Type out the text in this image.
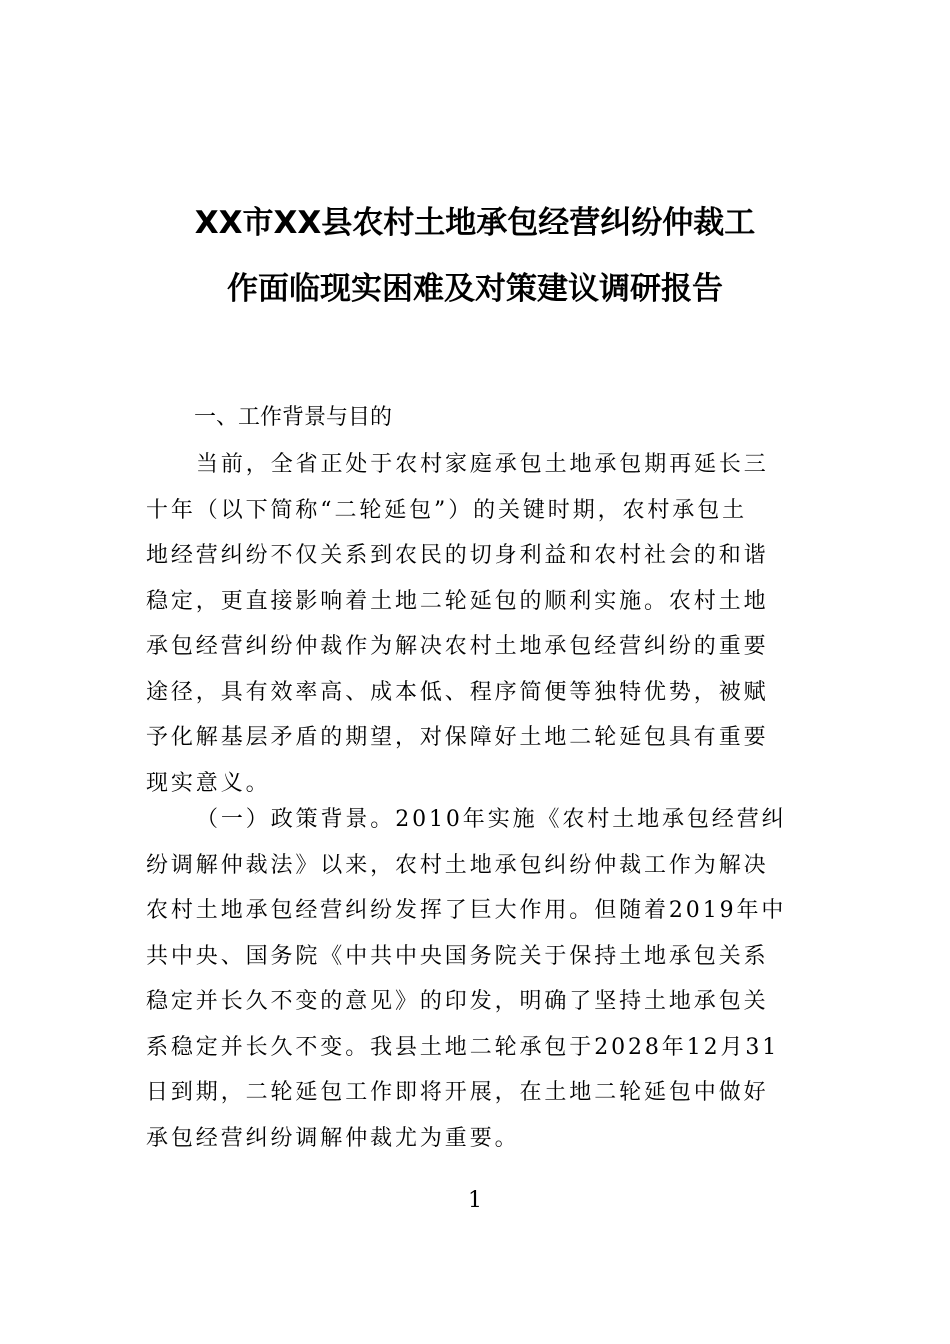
XX市XX县农村土地承包经营纠纷仲裁工
作面临现实困难及对策建议调研报告
一、工作背景与目的

当前，全省正处于农村家庭承包土地承包期再延长三
十年（以下简称“二轮延包”）的关键时期，农村承包土
地经营纠纷不仅关系到农民的切身利益和农村社会的和谐
稳定，更直接影响着土地二轮延包的顺利实施。农村土地
承包经营纠纷仲裁作为解决农村土地承包经营纠纷的重要
途径，具有效率高、成本低、程序简便等独特优势，被赋
予化解基层矛盾的期望，对保障好土地二轮延包具有重要
现实意义。

（一）政策背景。2010年实施《农村土地承包经营纠
纷调解仲裁法》以来，农村土地承包纠纷仲裁工作为解决
农村土地承包经营纠纷发挥了巨大作用。但随着2019年中
共中央、国务院《中共中央国务院关于保持土地承包关系
稳定并长久不变的意见》的印发，明确了坚持土地承包关
系稳定并长久不变。我县土地二轮承包于2028年12月31
日到期，二轮延包工作即将开展，在土地二轮延包中做好
承包经营纠纷调解仲裁尤为重要。

1
